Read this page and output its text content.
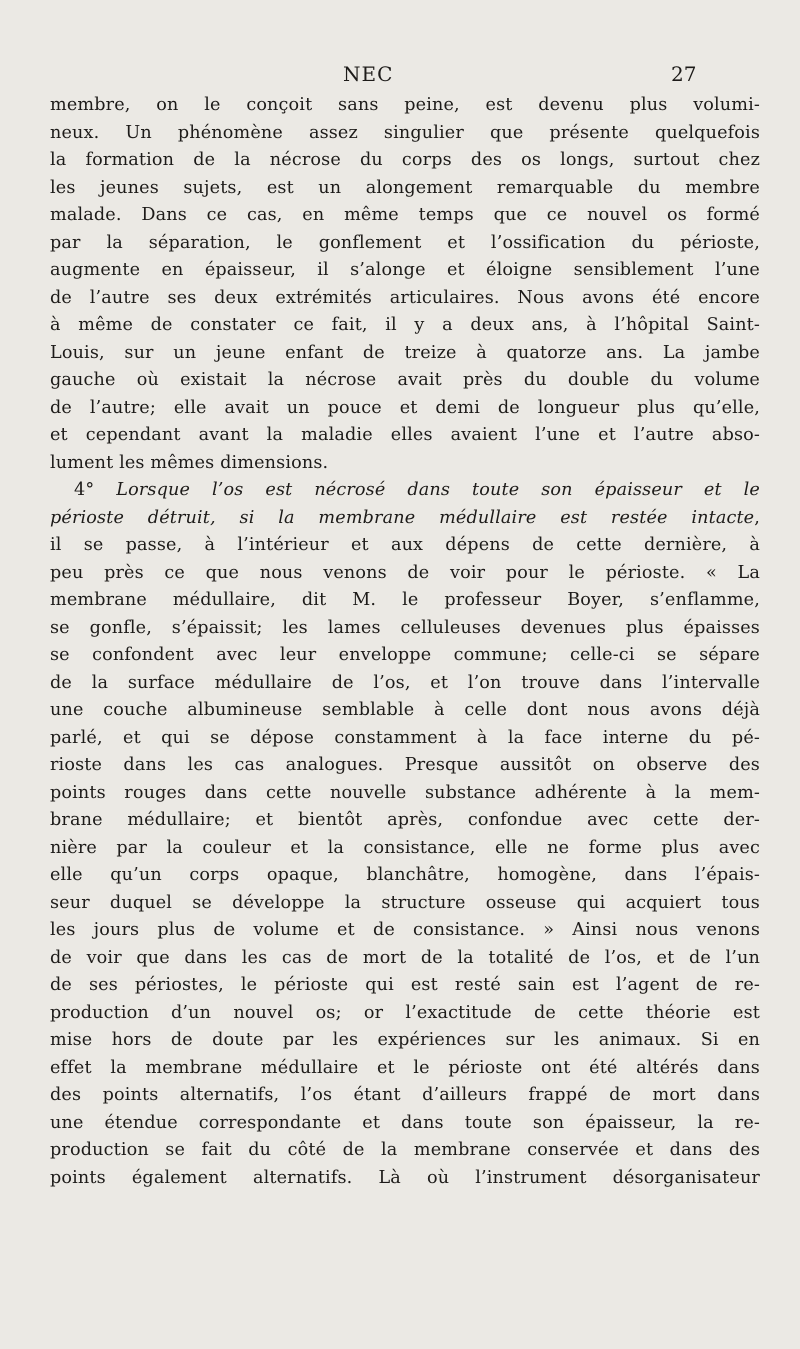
NEC	27
membre, on le conçoit sans peine, est devenu plus volumi-
neux. Un phénomène assez singulier que présente quelquefois
la formation de la nécrose du corps des os longs, surtout chez
les jeunes sujets, est un alongement remarquable du membre
malade. Dans ce cas, en même temps que ce nouvel os formé
par la séparation, le gonflement et l’ossification du périoste,
augmente en épaisseur, il s’alonge et éloigne sensiblement l’une
de l’autre ses deux extrémités articulaires. Nous avons été encore
à même de constater ce fait, il y a deux ans, à l’hôpital Saint-
Louis, sur un jeune enfant de treize à quatorze ans. La jambe
gauche où existait la nécrose avait près du double du volume
de l’autre; elle avait un pouce et demi de longueur plus qu’elle,
et cependant avant la maladie elles avaient l’une et l’autre abso-
lument les mêmes dimensions.
4° Lorsque l’os est nécrosé dans toute son épaisseur et le
périoste détruit, si la membrane médullaire est restée intacte,
il se passe, à l’intérieur et aux dépens de cette dernière, à
peu près ce que nous venons de voir pour le périoste. « La
membrane médullaire, dit M. le professeur Boyer, s’enflamme,
se gonfle, s’épaissit; les lames celluleuses devenues plus épaisses
se confondent avec leur enveloppe commune; celle-ci se sépare
de la surface médullaire de l’os, et l’on trouve dans l’intervalle
une couche albumineuse semblable à celle dont nous avons déjà
parlé, et qui se dépose constamment à la face interne du pé-
rioste dans les cas analogues. Presque aussitôt on observe des
points rouges dans cette nouvelle substance adhérente à la mem-
brane médullaire; et bientôt après, confondue avec cette der-
nière par la couleur et la consistance, elle ne forme plus avec
elle qu’un corps opaque, blanchâtre, homogène, dans l’épais-
seur duquel se développe la structure osseuse qui acquiert tous
les jours plus de volume et de consistance. » Ainsi nous venons
de voir que dans les cas de mort de la totalité de l’os, et de l’un
de ses périostes, le périoste qui est resté sain est l’agent de re-
production d’un nouvel os; or l’exactitude de cette théorie est
mise hors de doute par les expériences sur les animaux. Si en
effet la membrane médullaire et le périoste ont été altérés dans
des points alternatifs, l’os étant d’ailleurs frappé de mort dans
une étendue correspondante et dans toute son épaisseur, la re-
production se fait du côté de la membrane conservée et dans des
points également alternatifs. Là où l’instrument désorganisateur
